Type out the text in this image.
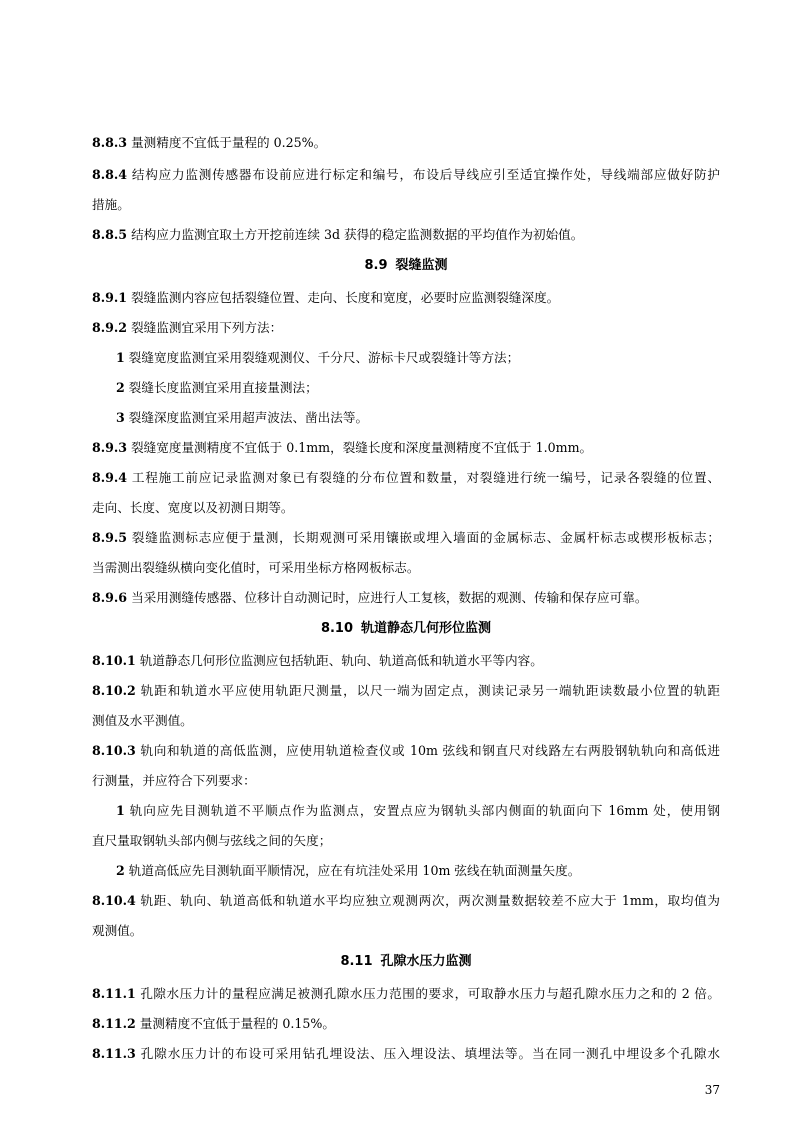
8.8.3 量测精度不宜低于量程的 0.25%。
8.8.4 结构应力监测传感器布设前应进行标定和编号，布设后导线应引至适宜操作处，导线端部应做好防护
措施。
8.8.5 结构应力监测宜取土方开挖前连续 3d 获得的稳定监测数据的平均值作为初始值。
8.9 裂缝监测
8.9.1 裂缝监测内容应包括裂缝位置、走向、长度和宽度，必要时应监测裂缝深度。
8.9.2 裂缝监测宜采用下列方法：
1 裂缝宽度监测宜采用裂缝观测仪、千分尺、游标卡尺或裂缝计等方法；
2 裂缝长度监测宜采用直接量测法；
3 裂缝深度监测宜采用超声波法、凿出法等。
8.9.3 裂缝宽度量测精度不宜低于 0.1mm，裂缝长度和深度量测精度不宜低于 1.0mm。
8.9.4 工程施工前应记录监测对象已有裂缝的分布位置和数量，对裂缝进行统一编号，记录各裂缝的位置、
走向、长度、宽度以及初测日期等。
8.9.5 裂缝监测标志应便于量测，长期观测可采用镶嵌或埋入墙面的金属标志、金属杆标志或楔形板标志；
当需测出裂缝纵横向变化值时，可采用坐标方格网板标志。
8.9.6 当采用测缝传感器、位移计自动测记时，应进行人工复核，数据的观测、传输和保存应可靠。
8.10 轨道静态几何形位监测
8.10.1 轨道静态几何形位监测应包括轨距、轨向、轨道高低和轨道水平等内容。
8.10.2 轨距和轨道水平应使用轨距尺测量，以尺一端为固定点，测读记录另一端轨距读数最小位置的轨距
测值及水平测值。
8.10.3 轨向和轨道的高低监测，应使用轨道检查仪或 10m 弦线和钢直尺对线路左右两股钢轨轨向和高低进
行测量，并应符合下列要求：
1 轨向应先目测轨道不平顺点作为监测点，安置点应为钢轨头部内侧面的轨面向下 16mm 处，使用钢
直尺量取钢轨头部内侧与弦线之间的矢度；
2 轨道高低应先目测轨面平顺情况，应在有坑洼处采用 10m 弦线在轨面测量矢度。
8.10.4 轨距、轨向、轨道高低和轨道水平均应独立观测两次，两次测量数据较差不应大于 1mm，取均值为
观测值。
8.11 孔隙水压力监测
8.11.1 孔隙水压力计的量程应满足被测孔隙水压力范围的要求，可取静水压力与超孔隙水压力之和的 2 倍。
8.11.2 量测精度不宜低于量程的 0.15%。
8.11.3 孔隙水压力计的布设可采用钻孔埋设法、压入埋设法、填埋法等。当在同一测孔中埋设多个孔隙水
37
